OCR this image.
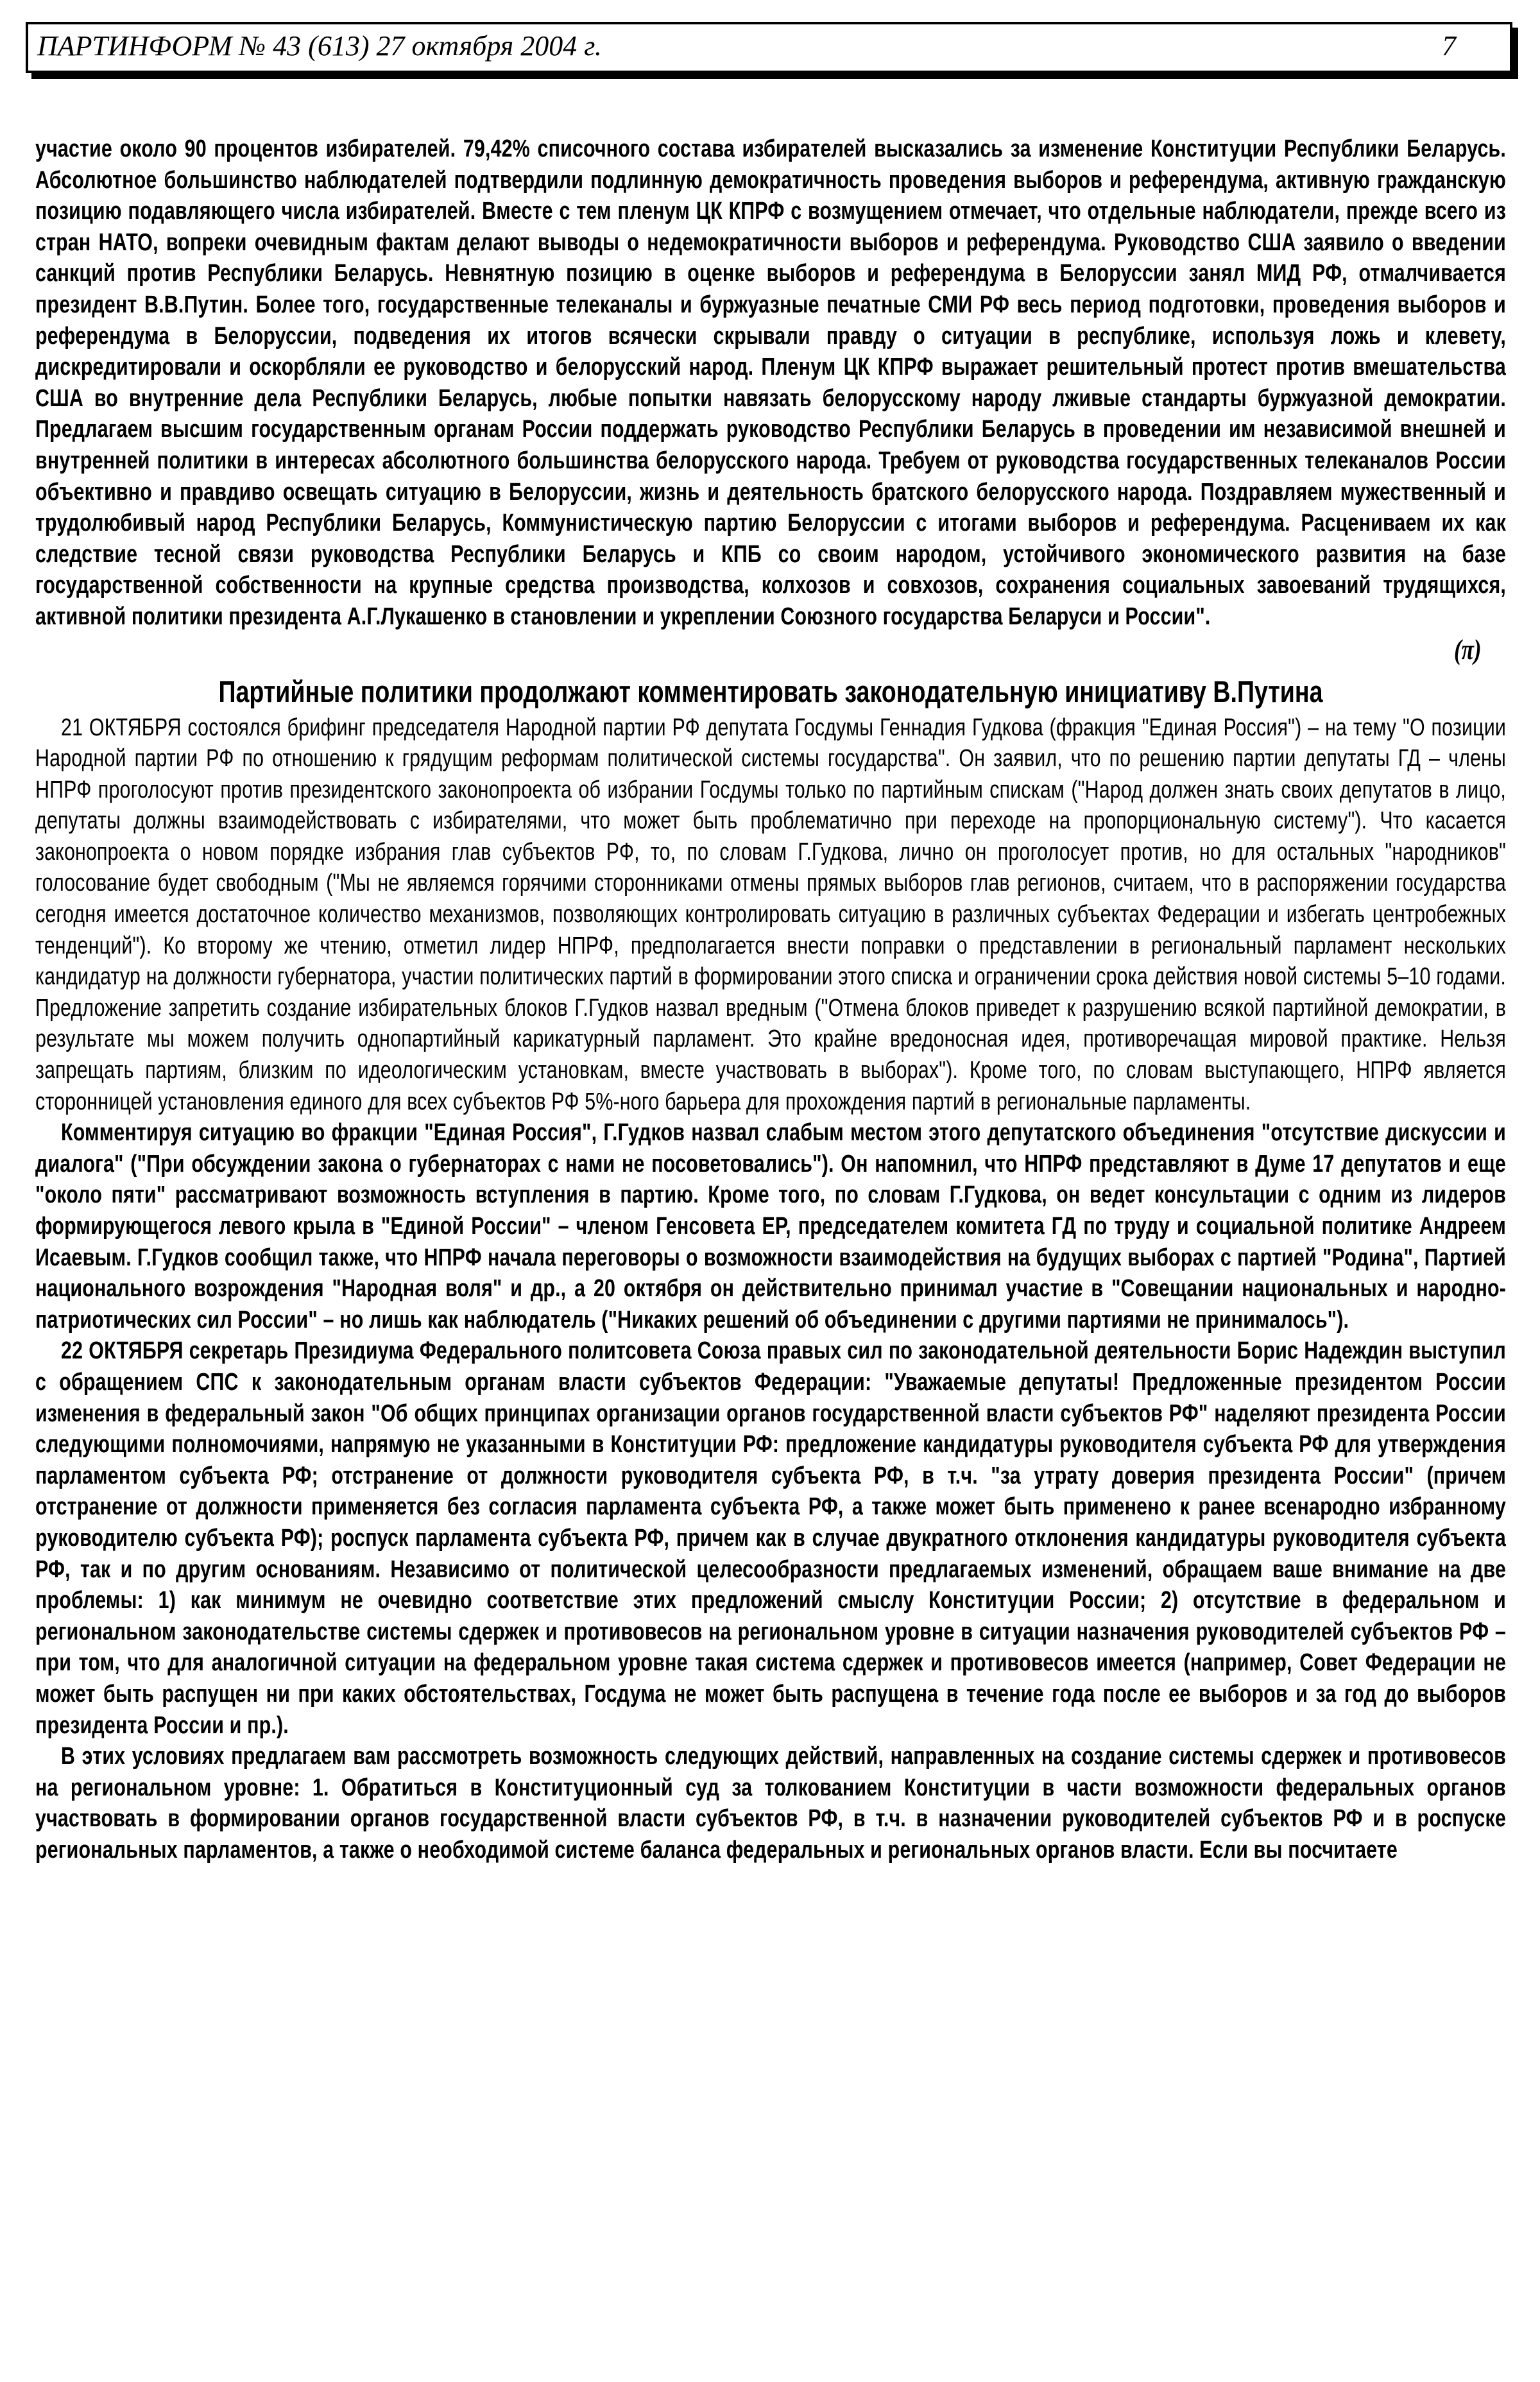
ПАРТИНФОРМ № 43 (613) 27 октября 2004 г.	7

участие около 90 процентов избирателей. 79,42% списочного состава избирателей высказались за изменение Конституции Республики Беларусь. Абсолютное большинство наблюдателей подтвердили подлинную демократичность проведения выборов и референдума, активную гражданскую позицию подавляющего числа избирателей. Вместе с тем пленум ЦК КПРФ с возмущением отмечает, что отдельные наблюдатели, прежде всего из стран НАТО, вопреки очевидным фактам делают выводы о недемократичности выборов и референдума. Руководство США заявило о введении санкций против Республики Беларусь. Невнятную позицию в оценке выборов и референдума в Белоруссии занял МИД РФ, отмалчивается президент В.В.Путин. Более того, государственные телеканалы и буржуазные печатные СМИ РФ весь период подготовки, проведения выборов и референдума в Белоруссии, подведения их итогов всячески скрывали правду о ситуации в республике, используя ложь и клевету, дискредитировали и оскорбляли ее руководство и белорусский народ. Пленум ЦК КПРФ выражает решительный протест против вмешательства США во внутренние дела Республики Беларусь, любые попытки навязать белорусскому народу лживые стандарты буржуазной демократии. Предлагаем высшим государственным органам России поддержать руководство Республики Беларусь в проведении им независимой внешней и внутренней политики в интересах абсолютного большинства белорусского народа. Требуем от руководства государственных телеканалов России объективно и правдиво освещать ситуацию в Белоруссии, жизнь и деятельность братского белорусского народа. Поздравляем мужественный и трудолюбивый народ Республики Беларусь, Коммунистическую партию Белоруссии с итогами выборов и референдума. Расцениваем их как следствие тесной связи руководства Республики Беларусь и КПБ со своим народом, устойчивого экономического развития на базе государственной собственности на крупные средства производства, колхозов и совхозов, сохранения социальных завоеваний трудящихся, активной политики президента А.Г.Лукашенко в становлении и укреплении Союзного государства Беларуси и России".

(π)

Партийные политики продолжают комментировать законодательную инициативу В.Путина

21 ОКТЯБРЯ состоялся брифинг председателя Народной партии РФ депутата Госдумы Геннадия Гудкова (фракция "Единая Россия") – на тему "О позиции Народной партии РФ по отношению к грядущим реформам политической системы государства". Он заявил, что по решению партии депутаты ГД – члены НПРФ проголосуют против президентского законопроекта об избрании Госдумы только по партийным спискам ("Народ должен знать своих депутатов в лицо, депутаты должны взаимодействовать с избирателями, что может быть проблематично при переходе на пропорциональную систему"). Что касается законопроекта о новом порядке избрания глав субъектов РФ, то, по словам Г.Гудкова, лично он проголосует против, но для остальных "народников" голосование будет свободным ("Мы не являемся горячими сторонниками отмены прямых выборов глав регионов, считаем, что в распоряжении государства сегодня имеется достаточное количество механизмов, позволяющих контролировать ситуацию в различных субъектах Федерации и избегать центробежных тенденций"). Ко второму же чтению, отметил лидер НПРФ, предполагается внести поправки о представлении в региональный парламент нескольких кандидатур на должности губернатора, участии политических партий в формировании этого списка и ограничении срока действия новой системы 5–10 годами. Предложение запретить создание избирательных блоков Г.Гудков назвал вредным ("Отмена блоков приведет к разрушению всякой партийной демократии, в результате мы можем получить однопартийный карикатурный парламент. Это крайне вредоносная идея, противоречащая мировой практике. Нельзя запрещать партиям, близким по идеологическим установкам, вместе участвовать в выборах"). Кроме того, по словам выступающего, НПРФ является сторонницей установления единого для всех субъектов РФ 5%-ного барьера для прохождения партий в региональные парламенты.

Комментируя ситуацию во фракции "Единая Россия", Г.Гудков назвал слабым местом этого депутатского объединения "отсутствие дискуссии и диалога" ("При обсуждении закона о губернаторах с нами не посоветовались"). Он напомнил, что НПРФ представляют в Думе 17 депутатов и еще "около пяти" рассматривают возможность вступления в партию. Кроме того, по словам Г.Гудкова, он ведет консультации с одним из лидеров формирующегося левого крыла в "Единой России" – членом Генсовета ЕР, председателем комитета ГД по труду и социальной политике Андреем Исаевым. Г.Гудков сообщил также, что НПРФ начала переговоры о возможности взаимодействия на будущих выборах с партией "Родина", Партией национального возрождения "Народная воля" и др., а 20 октября он действительно принимал участие в "Совещании национальных и народно-патриотических сил России" – но лишь как наблюдатель ("Никаких решений об объединении с другими партиями не принималось").

22 ОКТЯБРЯ секретарь Президиума Федерального политсовета Союза правых сил по законодательной деятельности Борис Надеждин выступил с обращением СПС к законодательным органам власти субъектов Федерации: "Уважаемые депутаты! Предложенные президентом России изменения в федеральный закон "Об общих принципах организации органов государственной власти субъектов РФ" наделяют президента России следующими полномочиями, напрямую не указанными в Конституции РФ: предложение кандидатуры руководителя субъекта РФ для утверждения парламентом субъекта РФ; отстранение от должности руководителя субъекта РФ, в т.ч. "за утрату доверия президента России" (причем отстранение от должности применяется без согласия парламента субъекта РФ, а также может быть применено к ранее всенародно избранному руководителю субъекта РФ); роспуск парламента субъекта РФ, причем как в случае двукратного отклонения кандидатуры руководителя субъекта РФ, так и по другим основаниям. Независимо от политической целесообразности предлагаемых изменений, обращаем ваше внимание на две проблемы: 1) как минимум не очевидно соответствие этих предложений смыслу Конституции России; 2) отсутствие в федеральном и региональном законодательстве системы сдержек и противовесов на региональном уровне в ситуации назначения руководителей субъектов РФ – при том, что для аналогичной ситуации на федеральном уровне такая система сдержек и противовесов имеется (например, Совет Федерации не может быть распущен ни при каких обстоятельствах, Госдума не может быть распущена в течение года после ее выборов и за год до выборов президента России и пр.).

В этих условиях предлагаем вам рассмотреть возможность следующих действий, направленных на создание системы сдержек и противовесов на региональном уровне: 1. Обратиться в Конституционный суд за толкованием Конституции в части возможности федеральных органов участвовать в формировании органов государственной власти субъектов РФ, в т.ч. в назначении руководителей субъектов РФ и в роспуске региональных парламентов, а также о необходимой системе баланса федеральных и региональных органов власти. Если вы посчитаете
